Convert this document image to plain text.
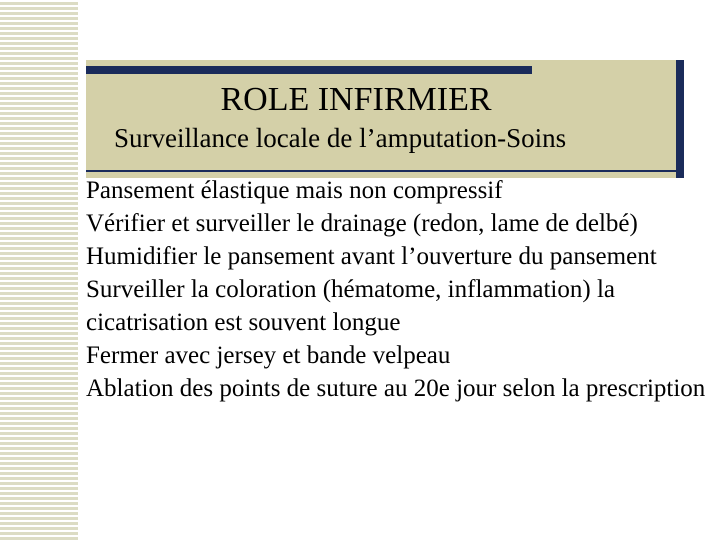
ROLE INFIRMIER
Surveillance locale de l’amputation-Soins
Pansement élastique mais non compressif
Vérifier et surveiller le drainage (redon, lame de delbé)
Humidifier le pansement avant l’ouverture du pansement
Surveiller la coloration (hématome, inflammation) la cicatrisation est souvent longue
Fermer avec jersey et bande velpeau
Ablation des points de suture au 20e jour selon la prescription
